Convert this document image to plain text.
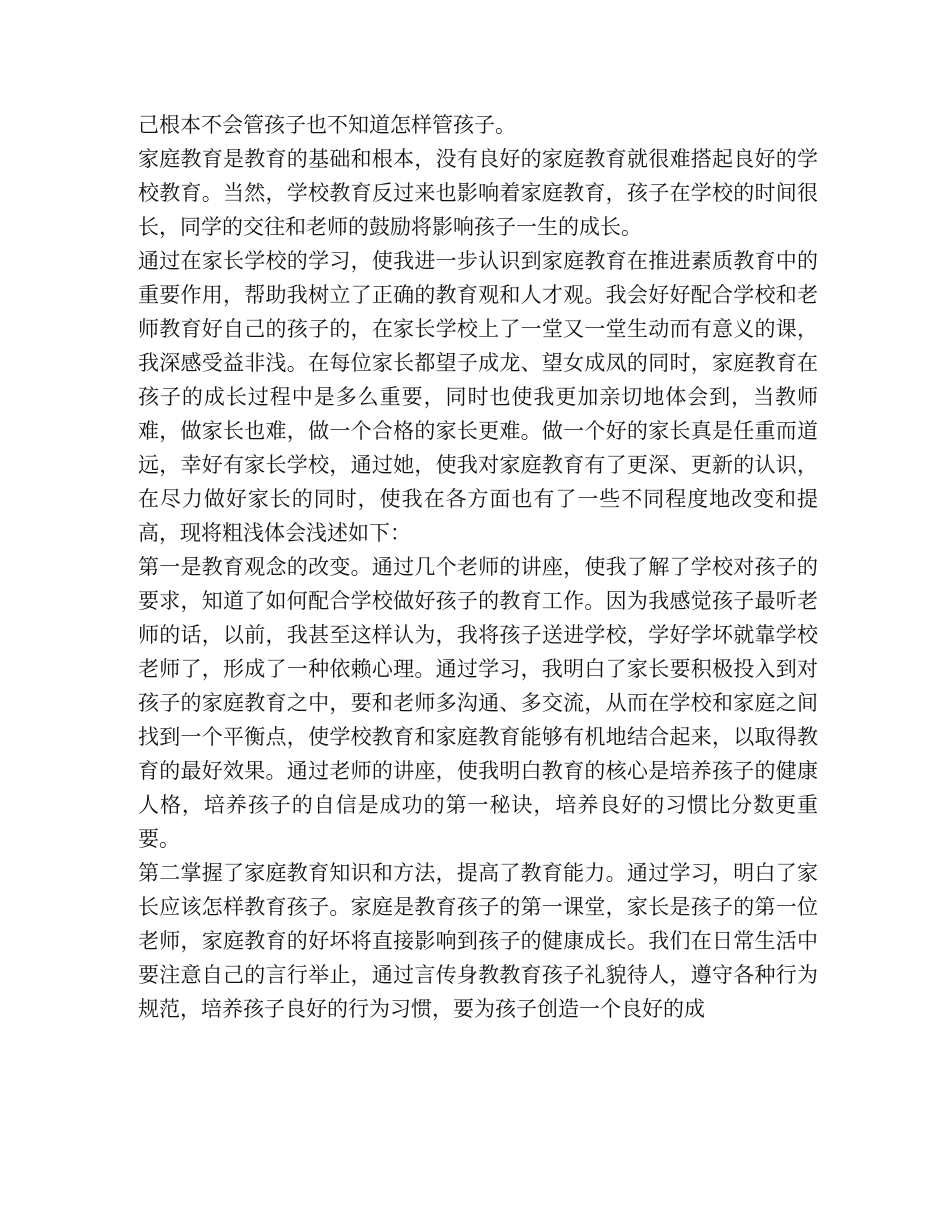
己根本不会管孩子也不知道怎样管孩子。

家庭教育是教育的基础和根本，没有良好的家庭教育就很难搭起良好的学校教育。当然，学校教育反过来也影响着家庭教育，孩子在学校的时间很长，同学的交往和老师的鼓励将影响孩子一生的成长。

通过在家长学校的学习，使我进一步认识到家庭教育在推进素质教育中的重要作用，帮助我树立了正确的教育观和人才观。我会好好配合学校和老师教育好自己的孩子的，在家长学校上了一堂又一堂生动而有意义的课，我深感受益非浅。在每位家长都望子成龙、望女成凤的同时，家庭教育在孩子的成长过程中是多么重要，同时也使我更加亲切地体会到，当教师难，做家长也难，做一个合格的家长更难。做一个好的家长真是任重而道远，幸好有家长学校，通过她，使我对家庭教育有了更深、更新的认识，在尽力做好家长的同时，使我在各方面也有了一些不同程度地改变和提高，现将粗浅体会浅述如下：

第一是教育观念的改变。通过几个老师的讲座，使我了解了学校对孩子的要求，知道了如何配合学校做好孩子的教育工作。因为我感觉孩子最听老师的话，以前，我甚至这样认为，我将孩子送进学校，学好学坏就靠学校老师了，形成了一种依赖心理。通过学习，我明白了家长要积极投入到对孩子的家庭教育之中，要和老师多沟通、多交流，从而在学校和家庭之间找到一个平衡点，使学校教育和家庭教育能够有机地结合起来，以取得教育的最好效果。通过老师的讲座，使我明白教育的核心是培养孩子的健康人格，培养孩子的自信是成功的第一秘诀，培养良好的习惯比分数更重要。

第二掌握了家庭教育知识和方法，提高了教育能力。通过学习，明白了家长应该怎样教育孩子。家庭是教育孩子的第一课堂，家长是孩子的第一位老师，家庭教育的好坏将直接影响到孩子的健康成长。我们在日常生活中要注意自己的言行举止，通过言传身教教育孩子礼貌待人，遵守各种行为规范，培养孩子良好的行为习惯，要为孩子创造一个良好的成
